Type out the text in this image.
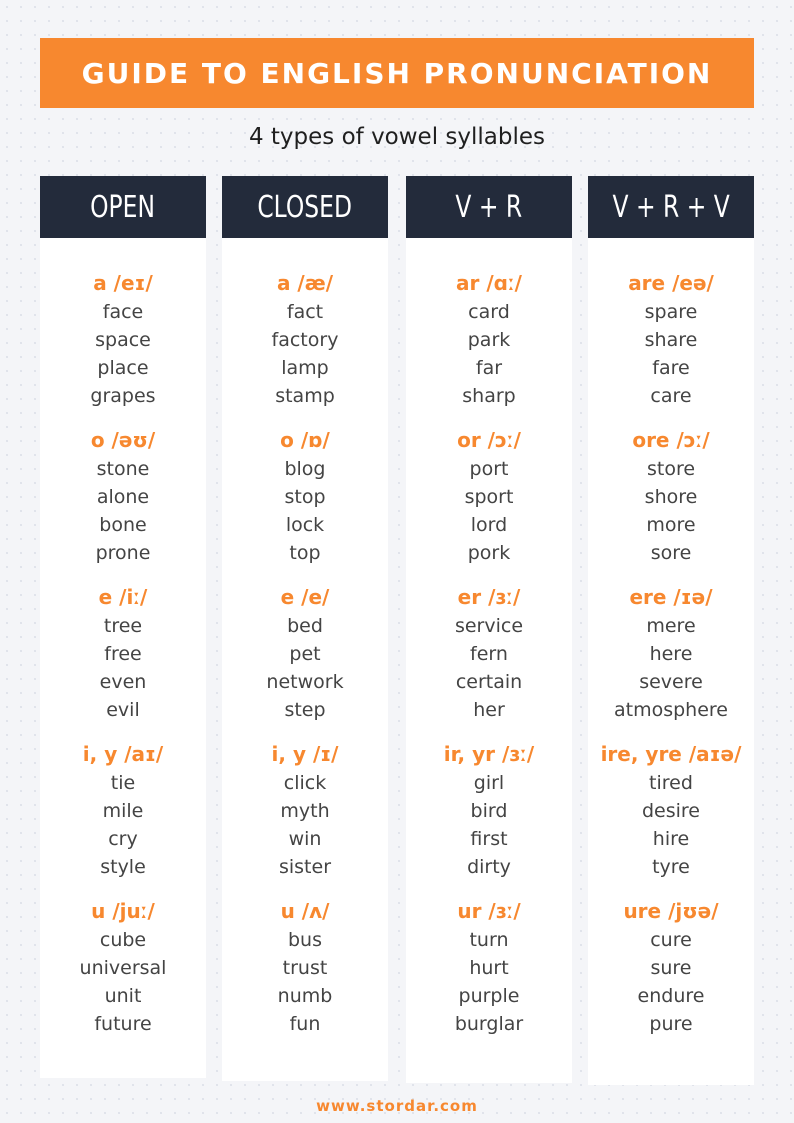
GUIDE TO ENGLISH PRONUNCIATION
4 types of vowel syllables
OPEN
a /eɪ/
face
space
place
grapes
o /əʊ/
stone
alone
bone
prone
e /iː/
tree
free
even
evil
i, y /aɪ/
tie
mile
cry
style
u /juː/
cube
universal
unit
future
CLOSED
a /æ/
fact
factory
lamp
stamp
o /ɒ/
blog
stop
lock
top
e /e/
bed
pet
network
step
i, y /ɪ/
click
myth
win
sister
u /ʌ/
bus
trust
numb
fun
V + R
ar /ɑː/
card
park
far
sharp
or /ɔː/
port
sport
lord
pork
er /ɜː/
service
fern
certain
her
ir, yr /ɜː/
girl
bird
first
dirty
ur /ɜː/
turn
hurt
purple
burglar
V + R + V
are /eə/
spare
share
fare
care
ore /ɔː/
store
shore
more
sore
ere /ɪə/
mere
here
severe
atmosphere
ire, yre /aɪə/
tired
desire
hire
tyre
ure /jʊə/
cure
sure
endure
pure
www.stordar.com
